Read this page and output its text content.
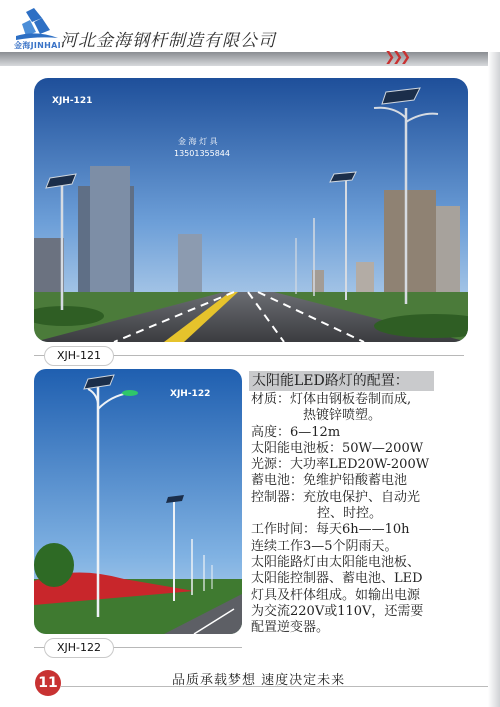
金海JINHAI 河北金海钢杆制造有限公司
❯❯❯
XJH-121
金 海 灯 具
13501355844
XJH-121
XJH-122
XJH-122
太阳能LED路灯的配置：
材质：灯体由钢板卷制而成,
热镀锌喷塑。
高度：6—12m
太阳能电池板：50W—200W
光源：大功率LED20W-200W
蓄电池：免维护铅酸蓄电池
控制器：充放电保护、自动光
控、时控。
工作时间：每天6h——10h
连续工作3—5个阴雨天。
太阳能路灯由太阳能电池板、
太阳能控制器、蓄电池、LED
灯具及杆体组成。如输出电源
为交流220V或110V，还需要
配置逆变器。
11	品质承载梦想 速度决定未来
